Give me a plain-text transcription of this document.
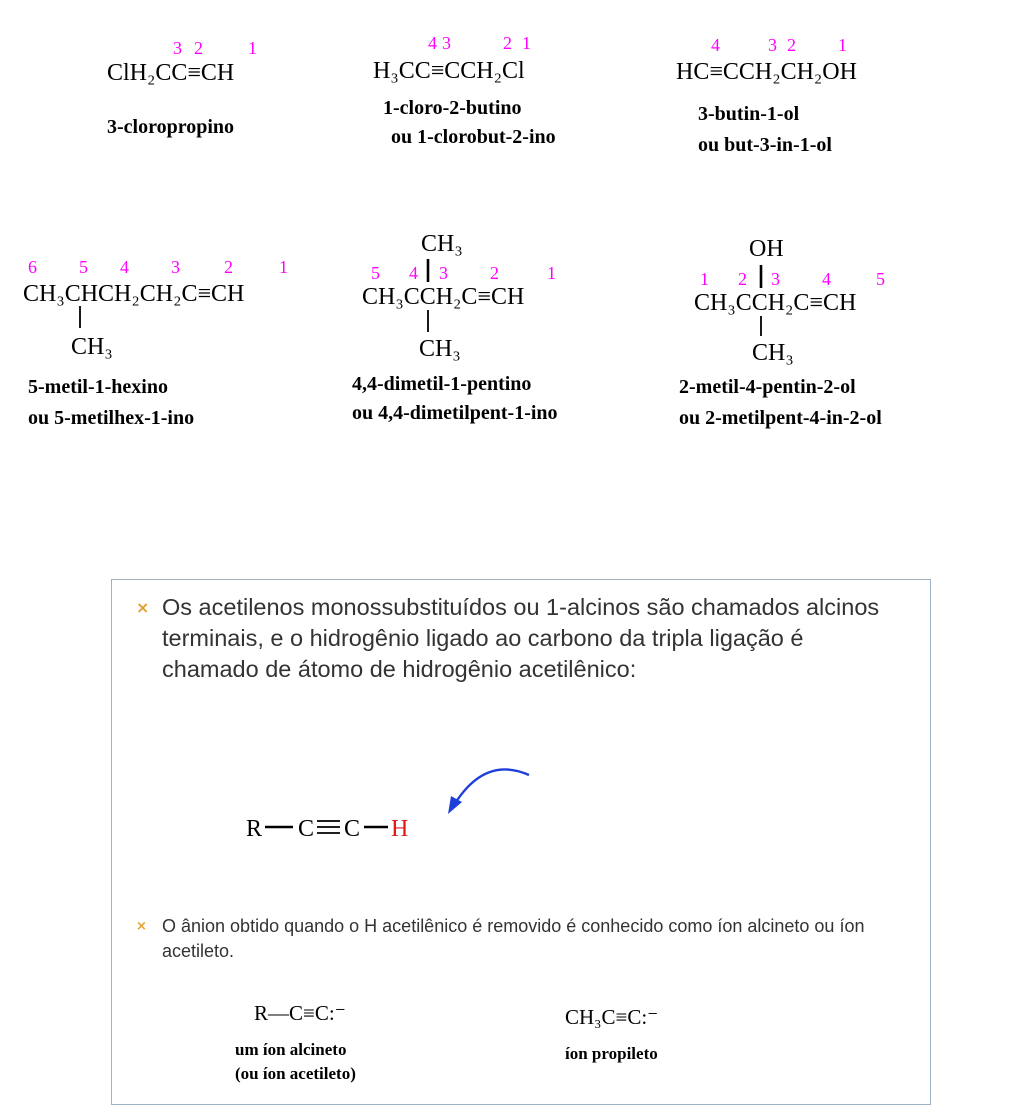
3 2	1
ClH₂CC≡CH
3-cloropropino
4 3	2 1
H₃CC≡CCH₂Cl
1-cloro-2-butino
ou 1-clorobut-2-ino
4	3 2 1
HC≡CCH₂CH₂OH
3-butin-1-ol
ou but-3-in-1-ol
6 5 4 3 2	1
CH₃CHCH₂CH₂C≡CH
CH₃
5-metil-1-hexino
ou 5-metilhex-1-ino
CH₃
5 4 3 2	1
CH₃CCH₂C≡CH
CH₃
4,4-dimetil-1-pentino
ou 4,4-dimetilpent-1-ino
OH
1 2 3 4	5
CH₃CCH₂C≡CH
CH₃
2-metil-4-pentin-2-ol
ou 2-metilpent-4-in-2-ol
× Os acetilenos monossubstituídos ou 1-alcinos são chamados alcinos terminais, e o hidrogênio ligado ao carbono da tripla ligação é chamado de átomo de hidrogênio acetilênico:
R C C H
R—C≡C:⁻
um íon alcineto
(ou íon acetileto)
CH₃C≡C:⁻
íon propileto
× O ânion obtido quando o H acetilênico é removido é conhecido como íon alcineto ou íon acetileto.
